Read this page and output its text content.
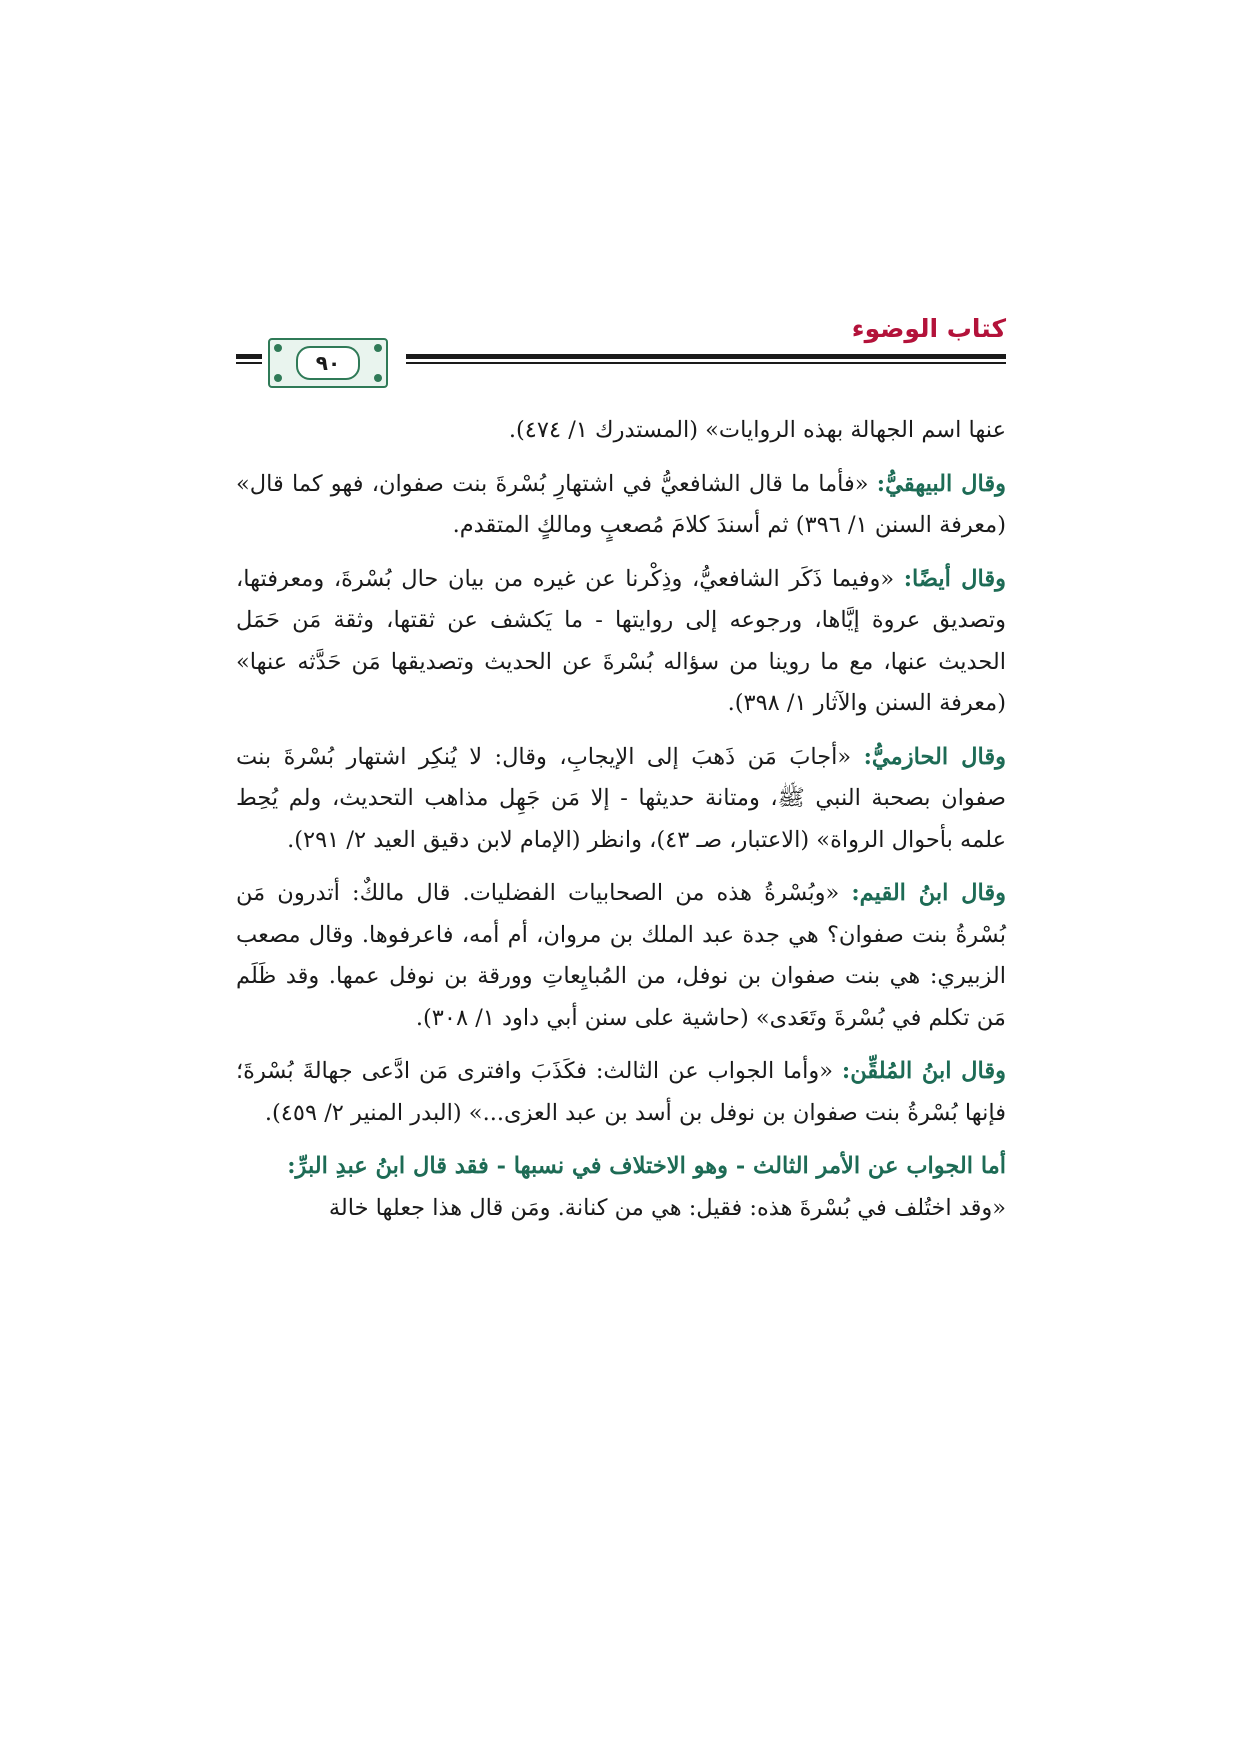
كتاب الوضوء
٩٠

عنها اسم الجهالة بهذه الروايات» (المستدرك ١/ ٤٧٤).

وقال البيهقيُّ: «فأما ما قال الشافعيُّ في اشتهارِ بُسْرةَ بنت صفوان، فهو كما قال» (معرفة السنن ١/ ٣٩٦) ثم أسندَ كلامَ مُصعبٍ ومالكٍ المتقدم.

وقال أيضًا: «وفيما ذَكَر الشافعيُّ، وذِكْرنا عن غيره من بيان حال بُسْرةَ، ومعرفتها، وتصديق عروة إيَّاها، ورجوعه إلى روايتها - ما يَكشف عن ثقتها، وثقة مَن حَمَل الحديث عنها، مع ما روينا من سؤاله بُسْرةَ عن الحديث وتصديقها مَن حَدَّثه عنها» (معرفة السنن والآثار ١/ ٣٩٨).

وقال الحازميُّ: «أجابَ مَن ذَهبَ إلى الإيجابِ، وقال: لا يُنكِر اشتهار بُسْرةَ بنت صفوان بصحبة النبي ﷺ، ومتانة حديثها - إلا مَن جَهِل مذاهب التحديث، ولم يُحِط علمه بأحوال الرواة» (الاعتبار، صـ ٤٣)، وانظر (الإمام لابن دقيق العيد ٢/ ٢٩١).

وقال ابنُ القيم: «وبُسْرةُ هذه من الصحابيات الفضليات. قال مالكٌ: أتدرون مَن بُسْرةُ بنت صفوان؟ هي جدة عبد الملك بن مروان، أم أمه، فاعرفوها. وقال مصعب الزبيري: هي بنت صفوان بن نوفل، من المُبايِعاتِ وورقة بن نوفل عمها. وقد ظَلَم مَن تكلم في بُسْرةَ وتَعَدى» (حاشية على سنن أبي داود ١/ ٣٠٨).

وقال ابنُ المُلقِّن: «وأما الجواب عن الثالث: فكَذَبَ وافترى مَن ادَّعى جهالةَ بُسْرةَ؛ فإنها بُسْرةُ بنت صفوان بن نوفل بن أسد بن عبد العزى...» (البدر المنير ٢/ ٤٥٩).

أما الجواب عن الأمر الثالث - وهو الاختلاف في نسبها - فقد قال ابنُ عبدِ البرِّ:
«وقد اختُلف في بُسْرةَ هذه: فقيل: هي من كنانة. ومَن قال هذا جعلها خالة
